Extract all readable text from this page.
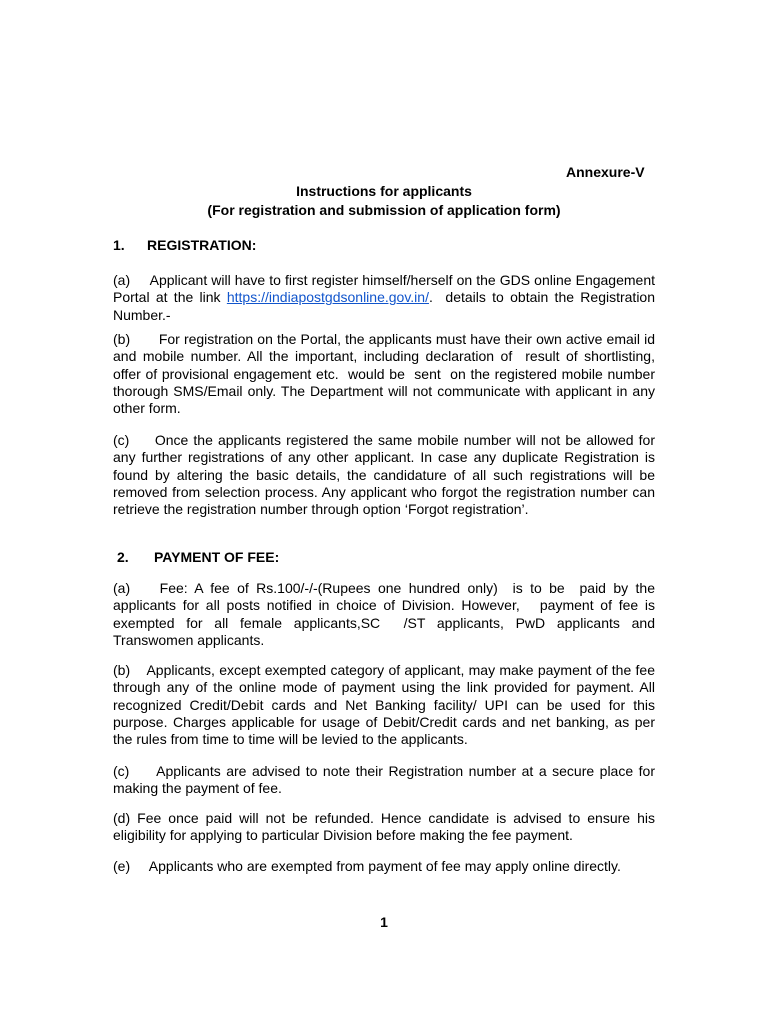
Annexure-V

Instructions for applicants
(For registration and submission of application form)

1. REGISTRATION:

(a)     Applicant will have to first register himself/herself on the GDS online Engagement Portal at the link https://indiapostgdsonline.gov.in/.  details to obtain the Registration Number.-

(b)       For registration on the Portal, the applicants must have their own active email id and mobile number. All the important, including declaration of  result of shortlisting, offer of provisional engagement etc.  would be  sent  on the registered mobile number thorough SMS/Email only. The Department will not communicate with applicant in any other form.

(c)     Once the applicants registered the same mobile number will not be allowed for any further registrations of any other applicant. In case any duplicate Registration is found by altering the basic details, the candidature of all such registrations will be removed from selection process. Any applicant who forgot the registration number can retrieve the registration number through option ‘Forgot registration’.

2. PAYMENT OF FEE:

(a)    Fee: A fee of Rs.100/-/-(Rupees one hundred only)  is to be  paid by the applicants for all posts notified in choice of Division. However,   payment of fee is exempted for all female applicants,SC  /ST applicants, PwD applicants and Transwomen applicants.

(b)    Applicants, except exempted category of applicant, may make payment of the fee through any of the online mode of payment using the link provided for payment. All recognized Credit/Debit cards and Net Banking facility/ UPI can be used for this purpose. Charges applicable for usage of Debit/Credit cards and net banking, as per the rules from time to time will be levied to the applicants.

(c)     Applicants are advised to note their Registration number at a secure place for making the payment of fee.

(d) Fee once paid will not be refunded. Hence candidate is advised to ensure his eligibility for applying to particular Division before making the fee payment.

(e)     Applicants who are exempted from payment of fee may apply online directly.

1
